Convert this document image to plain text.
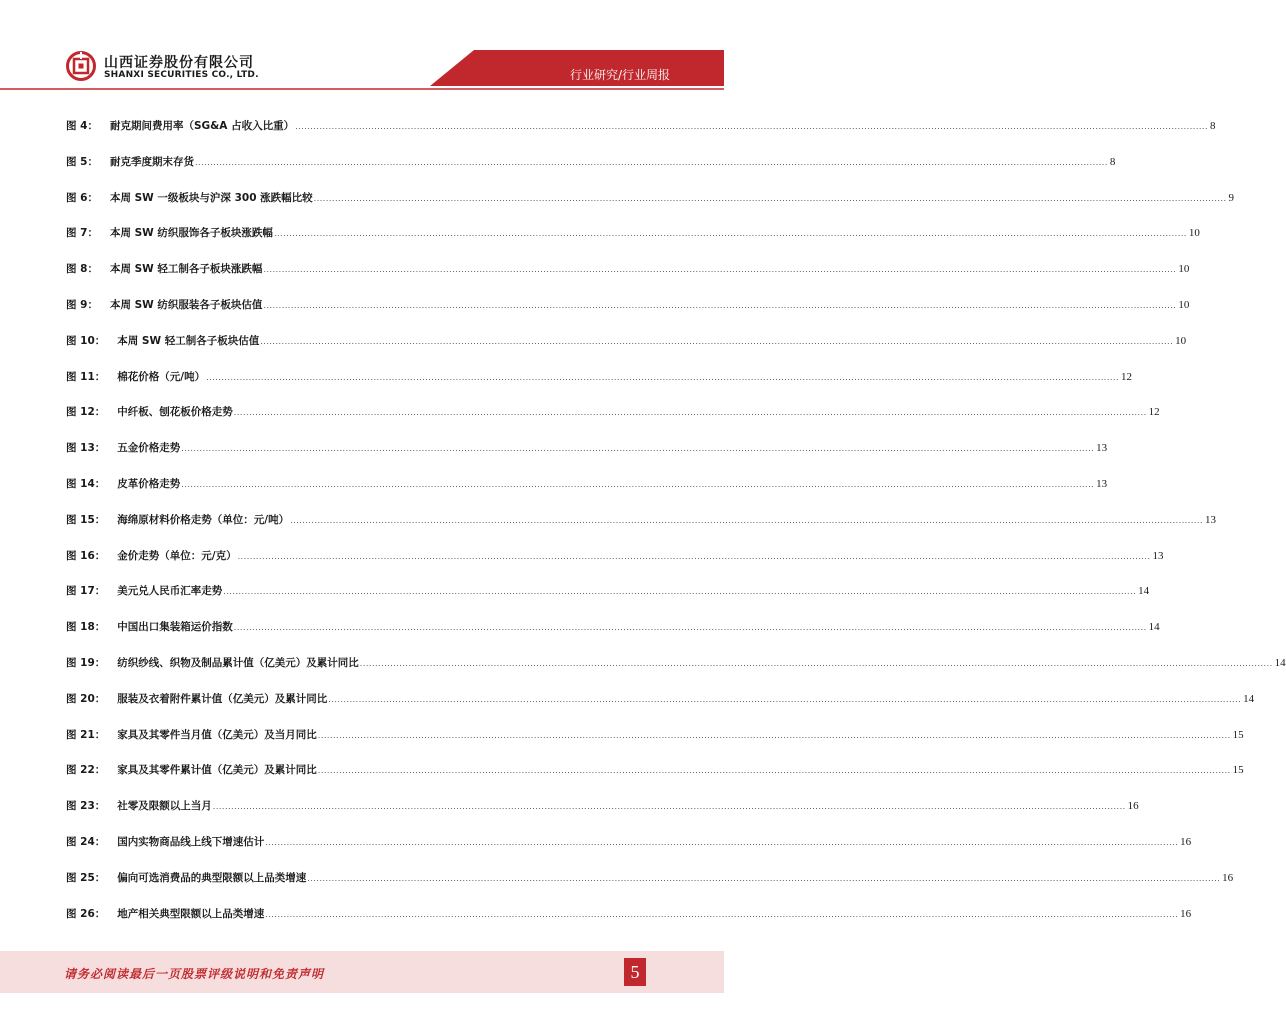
山西证券股份有限公司
SHANXI SECURITIES CO., LTD.	行业研究/行业周报
图 4：	耐克期间费用率（SG&A 占收入比重） ............................................................................................................................................................................................................................................................................................................ 8
图 5：	耐克季度期末存货 ............................................................................................................................................................................................................................................................................................................ 8
图 6：	本周 SW 一级板块与沪深 300 涨跌幅比较 ............................................................................................................................................................................................................................................................................................................ 9
图 7：	本周 SW 纺织服饰各子板块涨跌幅 ............................................................................................................................................................................................................................................................................................................ 10
图 8：	本周 SW 轻工制各子板块涨跌幅 ............................................................................................................................................................................................................................................................................................................ 10
图 9：	本周 SW 纺织服装各子板块估值 ............................................................................................................................................................................................................................................................................................................ 10
图 10：	本周 SW 轻工制各子板块估值 ............................................................................................................................................................................................................................................................................................................ 10
图 11：	棉花价格（元/吨） ............................................................................................................................................................................................................................................................................................................ 12
图 12：	中纤板、刨花板价格走势 ............................................................................................................................................................................................................................................................................................................ 12
图 13：	五金价格走势 ............................................................................................................................................................................................................................................................................................................ 13
图 14：	皮革价格走势 ............................................................................................................................................................................................................................................................................................................ 13
图 15：	海绵原材料价格走势（单位：元/吨） ............................................................................................................................................................................................................................................................................................................ 13
图 16：	金价走势（单位：元/克） ............................................................................................................................................................................................................................................................................................................ 13
图 17：	美元兑人民币汇率走势 ............................................................................................................................................................................................................................................................................................................ 14
图 18：	中国出口集装箱运价指数 ............................................................................................................................................................................................................................................................................................................ 14
图 19：	纺织纱线、织物及制品累计值（亿美元）及累计同比 ............................................................................................................................................................................................................................................................................................................ 14
图 20：	服装及衣着附件累计值（亿美元）及累计同比 ............................................................................................................................................................................................................................................................................................................ 14
图 21：	家具及其零件当月值（亿美元）及当月同比 ............................................................................................................................................................................................................................................................................................................ 15
图 22：	家具及其零件累计值（亿美元）及累计同比 ............................................................................................................................................................................................................................................................................................................ 15
图 23：	社零及限额以上当月 ............................................................................................................................................................................................................................................................................................................ 16
图 24：	国内实物商品线上线下增速估计 ............................................................................................................................................................................................................................................................................................................ 16
图 25：	偏向可选消费品的典型限额以上品类增速 ............................................................................................................................................................................................................................................................................................................ 16
图 26：	地产相关典型限额以上品类增速 ............................................................................................................................................................................................................................................................................................................ 16
请务必阅读最后一页股票评级说明和免责声明	5
